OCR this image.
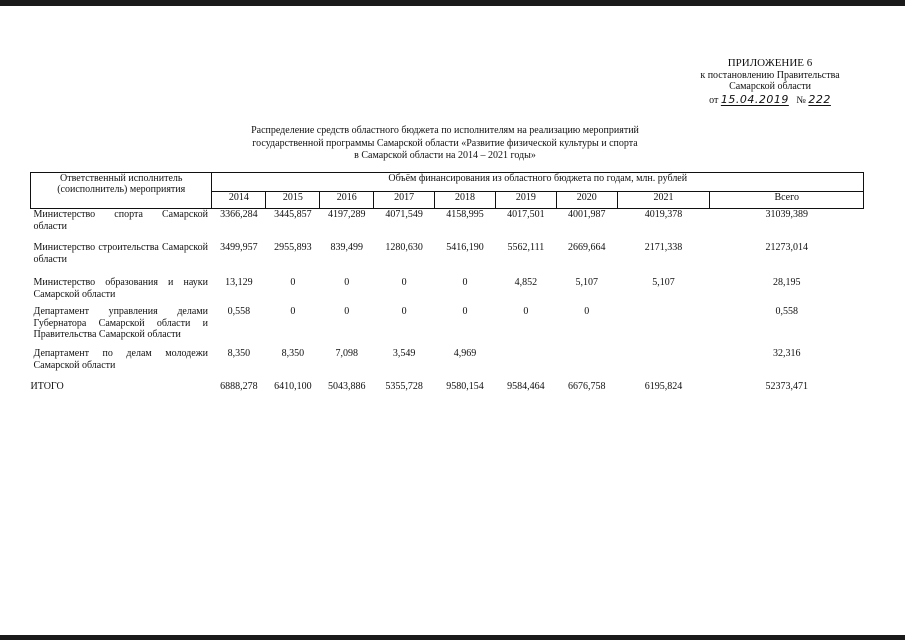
ПРИЛОЖЕНИЕ 6
к постановлению Правительства
Самарской области
от 15.04.2019 № 222
Распределение средств областного бюджета по исполнителям на реализацию мероприятий
государственной программы Самарской области «Развитие физической культуры и спорта
в Самарской области на 2014 – 2021 годы»
Ответственный исполнитель
(соисполнитель) мероприятия	Объём финансирования из областного бюджета по годам, млн. рублей								
	2014	2015	2016	2017	2018	2019	2020	2021	Всего
Министерство спорта Самарской области	3366,284	3445,857	4197,289	4071,549	4158,995	4017,501	4001,987	4019,378	31039,389
Министерство строительства Самарской области	3499,957	2955,893	839,499	1280,630	5416,190	5562,111	2669,664	2171,338	21273,014
Министерство образования и науки Самарской области	13,129	0	0	0	0	4,852	5,107	5,107	28,195
Департамент управления делами Губернатора Самарской области и Правительства Самарской области	0,558	0	0	0	0	0	0		0,558
Департамент по делам молодежи Самарской области	8,350	8,350	7,098	3,549	4,969				32,316
ИТОГО	6888,278	6410,100	5043,886	5355,728	9580,154	9584,464	6676,758	6195,824	52373,471
